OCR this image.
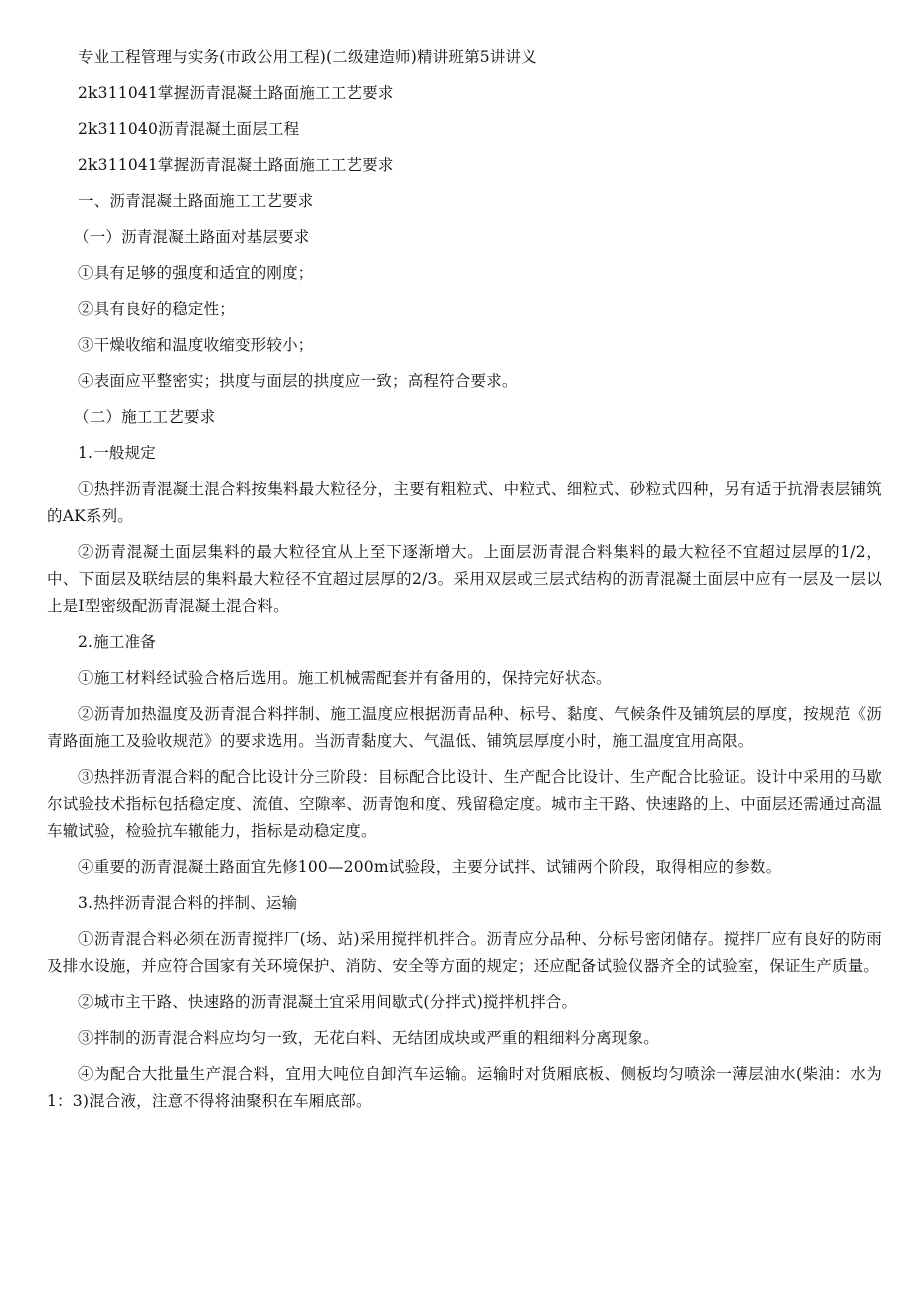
专业工程管理与实务(市政公用工程)(二级建造师)精讲班第5讲讲义

2k311041掌握沥青混凝土路面施工工艺要求

2k311040沥青混凝土面层工程

2k311041掌握沥青混凝土路面施工工艺要求

一、沥青混凝土路面施工工艺要求

（一）沥青混凝土路面对基层要求

①具有足够的强度和适宜的刚度；

②具有良好的稳定性；

③干燥收缩和温度收缩变形较小；

④表面应平整密实；拱度与面层的拱度应一致；高程符合要求。

（二）施工工艺要求

1.一般规定

①热拌沥青混凝土混合料按集料最大粒径分，主要有粗粒式、中粒式、细粒式、砂粒式四种，另有适于抗滑表层铺筑的AK系列。

②沥青混凝土面层集料的最大粒径宜从上至下逐渐增大。上面层沥青混合料集料的最大粒径不宜超过层厚的1/2，中、下面层及联结层的集料最大粒径不宜超过层厚的2/3。采用双层或三层式结构的沥青混凝土面层中应有一层及一层以上是Ⅰ型密级配沥青混凝土混合料。

2.施工准备

①施工材料经试验合格后选用。施工机械需配套并有备用的，保持完好状态。

②沥青加热温度及沥青混合料拌制、施工温度应根据沥青品种、标号、黏度、气候条件及铺筑层的厚度，按规范《沥青路面施工及验收规范》的要求选用。当沥青黏度大、气温低、铺筑层厚度小时，施工温度宜用高限。

③热拌沥青混合料的配合比设计分三阶段：目标配合比设计、生产配合比设计、生产配合比验证。设计中采用的马歇尔试验技术指标包括稳定度、流值、空隙率、沥青饱和度、残留稳定度。城市主干路、快速路的上、中面层还需通过高温车辙试验，检验抗车辙能力，指标是动稳定度。

④重要的沥青混凝土路面宜先修100—200m试验段，主要分试拌、试铺两个阶段，取得相应的参数。

3.热拌沥青混合料的拌制、运输

①沥青混合料必须在沥青搅拌厂(场、站)采用搅拌机拌合。沥青应分品种、分标号密闭储存。搅拌厂应有良好的防雨及排水设施，并应符合国家有关环境保护、消防、安全等方面的规定；还应配备试验仪器齐全的试验室，保证生产质量。

②城市主干路、快速路的沥青混凝土宜采用间歇式(分拌式)搅拌机拌合。

③拌制的沥青混合料应均匀一致，无花白料、无结团成块或严重的粗细料分离现象。

④为配合大批量生产混合料，宜用大吨位自卸汽车运输。运输时对货厢底板、侧板均匀喷涂一薄层油水(柴油：水为1：3)混合液，注意不得将油聚积在车厢底部。
